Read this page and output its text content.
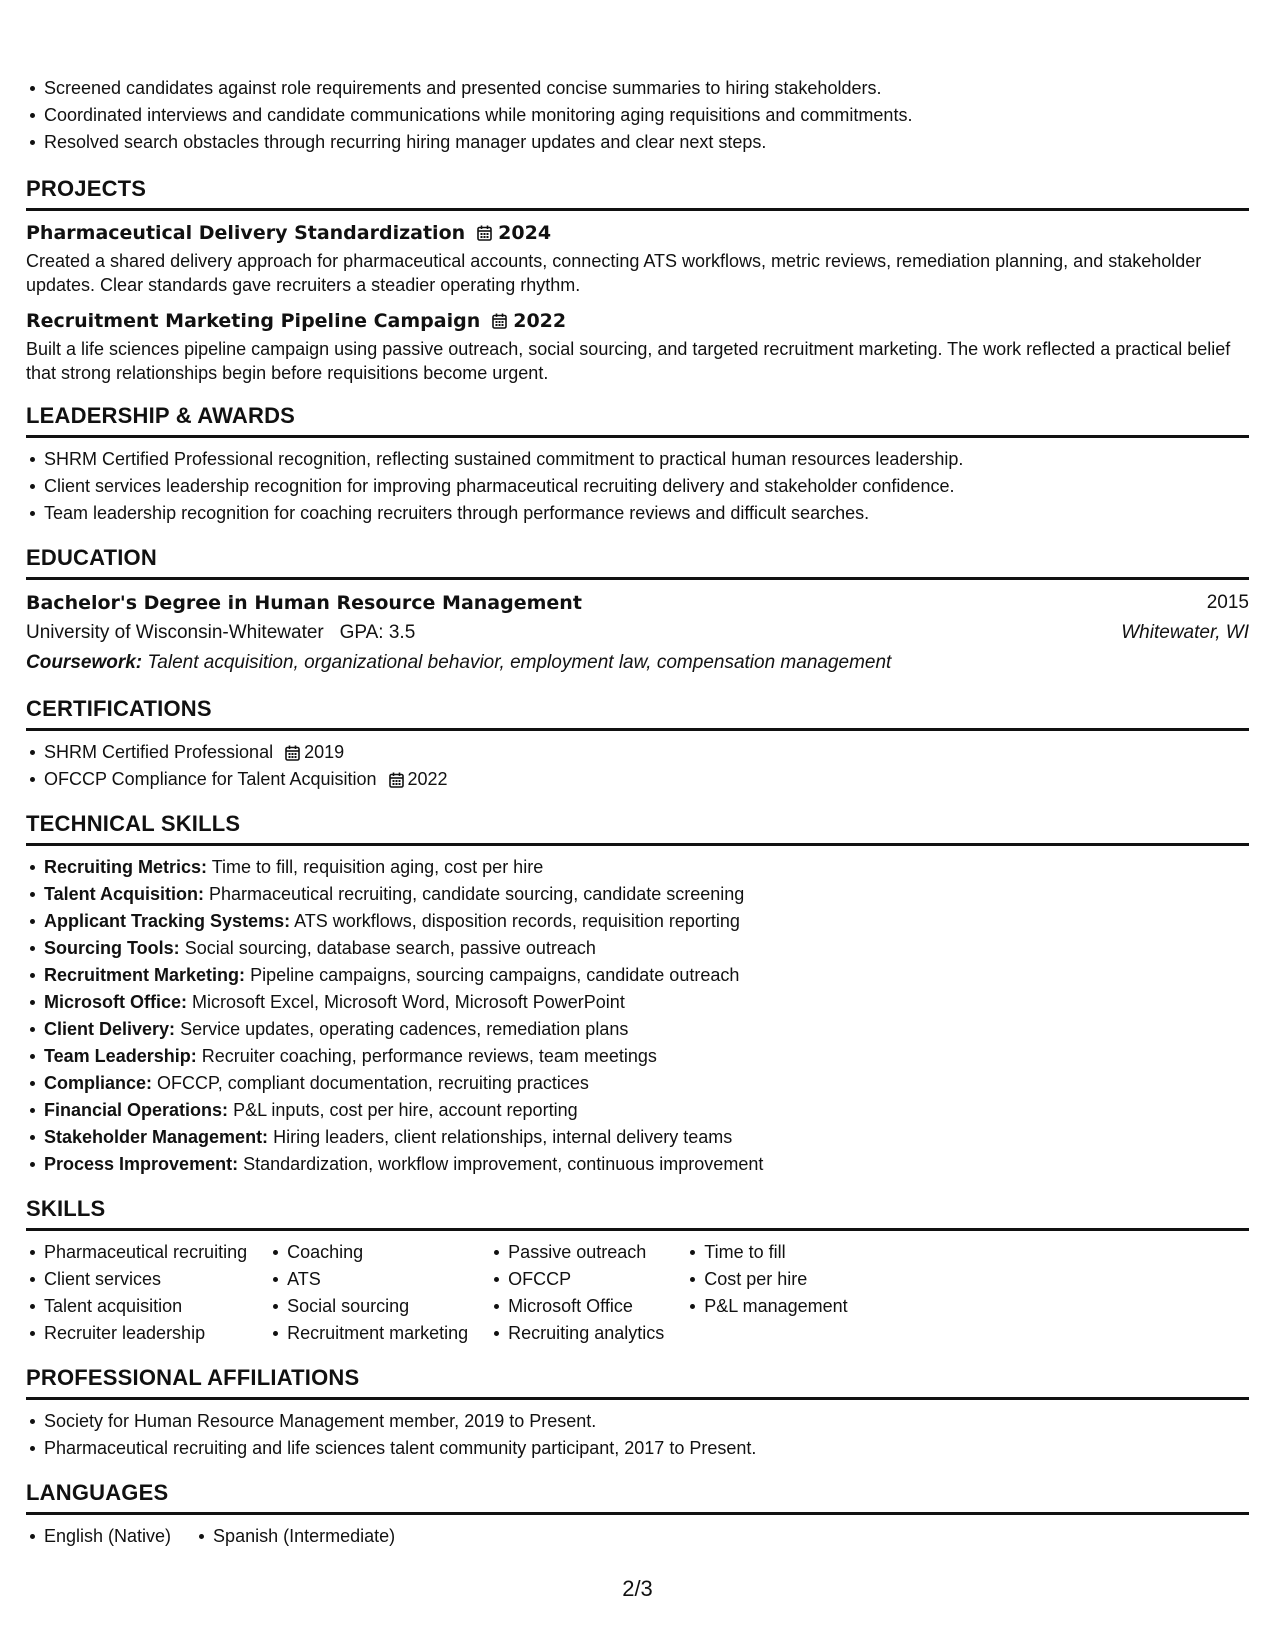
Screened candidates against role requirements and presented concise summaries to hiring stakeholders.
Coordinated interviews and candidate communications while monitoring aging requisitions and commitments.
Resolved search obstacles through recurring hiring manager updates and clear next steps.
PROJECTS
Pharmaceutical Delivery Standardization 2024
Created a shared delivery approach for pharmaceutical accounts, connecting ATS workflows, metric reviews, remediation planning, and stakeholder updates. Clear standards gave recruiters a steadier operating rhythm.
Recruitment Marketing Pipeline Campaign 2022
Built a life sciences pipeline campaign using passive outreach, social sourcing, and targeted recruitment marketing. The work reflected a practical belief that strong relationships begin before requisitions become urgent.
LEADERSHIP & AWARDS
SHRM Certified Professional recognition, reflecting sustained commitment to practical human resources leadership.
Client services leadership recognition for improving pharmaceutical recruiting delivery and stakeholder confidence.
Team leadership recognition for coaching recruiters through performance reviews and difficult searches.
EDUCATION
Bachelor's Degree in Human Resource Management	2015
University of Wisconsin-Whitewater GPA: 3.5	Whitewater, WI
Coursework: Talent acquisition, organizational behavior, employment law, compensation management
CERTIFICATIONS
SHRM Certified Professional 2019
OFCCP Compliance for Talent Acquisition 2022
TECHNICAL SKILLS
Recruiting Metrics: Time to fill, requisition aging, cost per hire
Talent Acquisition: Pharmaceutical recruiting, candidate sourcing, candidate screening
Applicant Tracking Systems: ATS workflows, disposition records, requisition reporting
Sourcing Tools: Social sourcing, database search, passive outreach
Recruitment Marketing: Pipeline campaigns, sourcing campaigns, candidate outreach
Microsoft Office: Microsoft Excel, Microsoft Word, Microsoft PowerPoint
Client Delivery: Service updates, operating cadences, remediation plans
Team Leadership: Recruiter coaching, performance reviews, team meetings
Compliance: OFCCP, compliant documentation, recruiting practices
Financial Operations: P&L inputs, cost per hire, account reporting
Stakeholder Management: Hiring leaders, client relationships, internal delivery teams
Process Improvement: Standardization, workflow improvement, continuous improvement
SKILLS
Pharmaceutical recruiting
Client services
Talent acquisition
Recruiter leadership
Coaching
ATS
Social sourcing
Recruitment marketing
Passive outreach
OFCCP
Microsoft Office
Recruiting analytics
Time to fill
Cost per hire
P&L management
PROFESSIONAL AFFILIATIONS
Society for Human Resource Management member, 2019 to Present.
Pharmaceutical recruiting and life sciences talent community participant, 2017 to Present.
LANGUAGES
English (Native)	Spanish (Intermediate)
2/3
